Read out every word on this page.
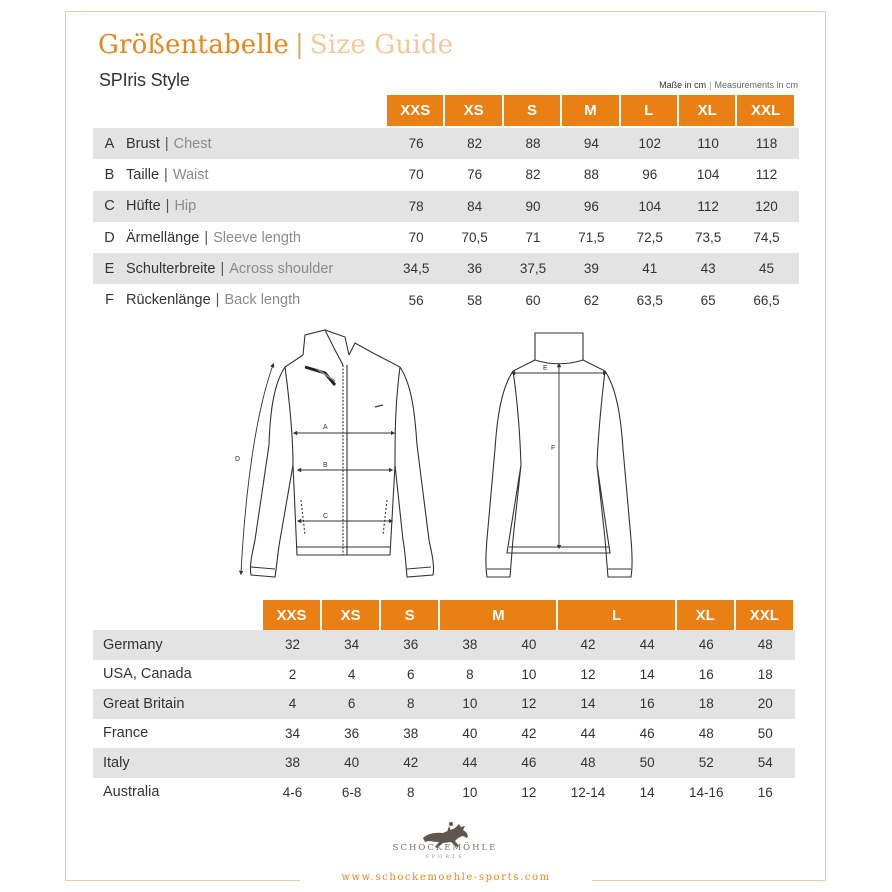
Größentabelle | Size Guide
SPIris Style	Maße in cm | Measurements in cm
XXS	XS	S	M	L	XL	XXL
A Brust | Chest	76	82	88	94	102	110	118
B Taille | Waist	70	76	82	88	96	104	112
C Hüfte | Hip	78	84	90	96	104	112	120
D Ärmellänge | Sleeve length	70	70,5	71	71,5	72,5	73,5	74,5
E Schulterbreite | Across shoulder	34,5	36	37,5	39	41	43	45
F Rückenlänge | Back length	56	58	60	62	63,5	65	66,5
A
B
C
D
E
F
XXS	XS	S	M	L	XL	XXL
Germany	32	34	36	38	40	42	44	46	48
USA, Canada	2	4	6	8	10	12	14	16	18
Great Britain	4	6	8	10	12	14	16	18	20
France	34	36	38	40	42	44	46	48	50
Italy	38	40	42	44	46	48	50	52	54
Australia	4-6	6-8	8	10	12	12-14	14	14-16	16
SCHOCKEMÖHLE
SPORTS
www.schockemoehle-sports.com
